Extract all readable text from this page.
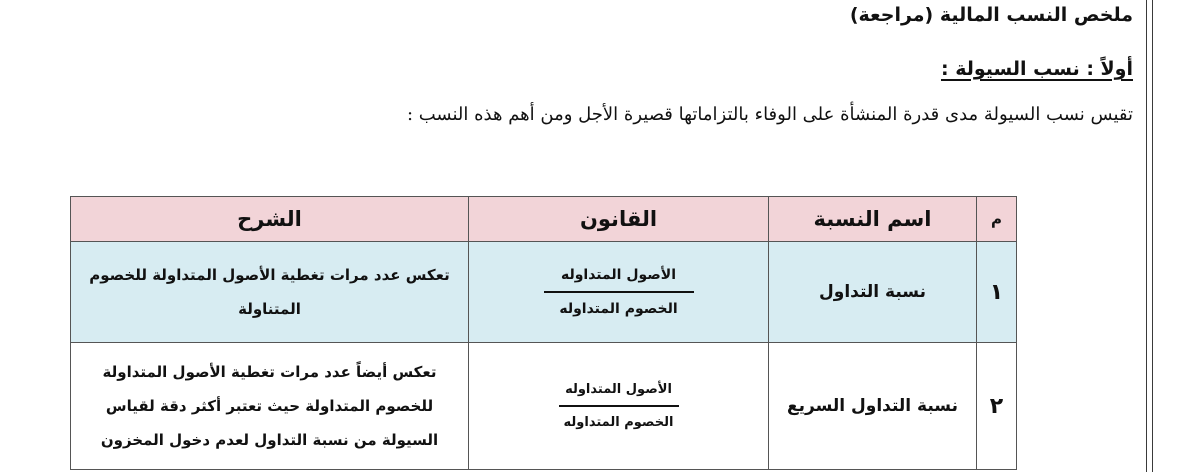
ملخص النسب المالية (مراجعة)
أولاً : نسب السيولة :
تقيس نسب السيولة مدى قدرة المنشأة على الوفاء بالتزاماتها قصيرة الأجل ومن أهم هذه النسب :
م	اسم النسبة	القانون	الشرح
١	نسبة التداول	$\frac{\text{الأصول المتداوله}}{\text{الخصوم المتداوله}}$	تعكس عدد مرات تغطية الأصول المتداولة للخصوم المتناولة
٢	نسبة التداول السريع	$\frac{\text{الأصول المتداوله}}{\text{الخصوم المتداوله}}$	تعكس أيضاً عدد مرات تغطية الأصول المتداولة للخصوم المتداولة حيث تعتبر أكثر دقة لقياس السيولة من نسبة التداول لعدم دخول المخزون
